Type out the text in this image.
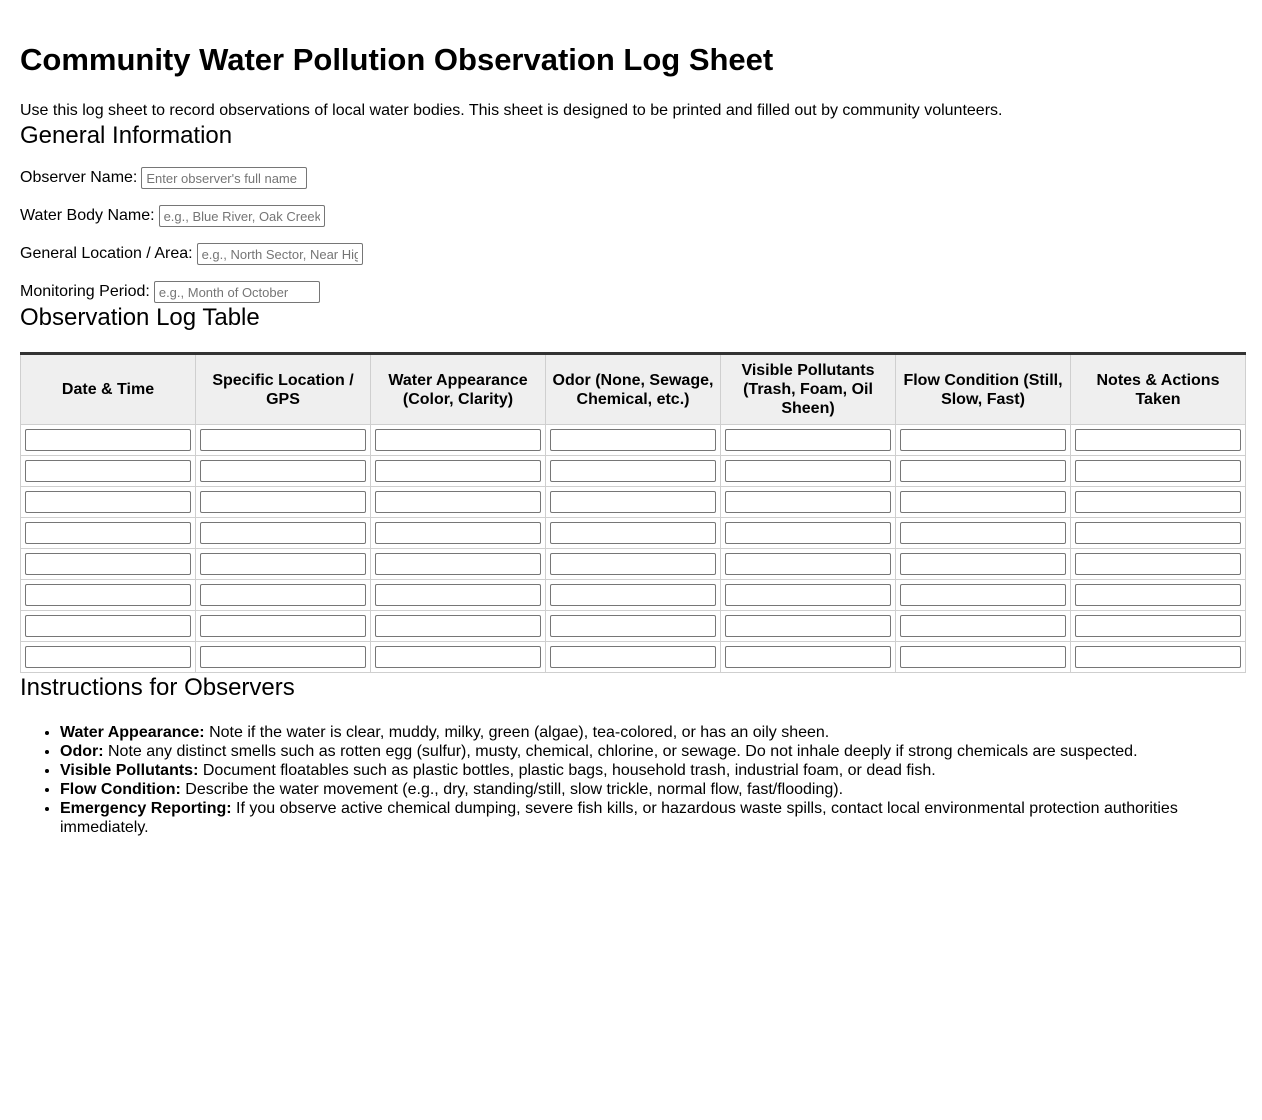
Community Water Pollution Observation Log Sheet

Use this log sheet to record observations of local water bodies. This sheet is designed to be printed and filled out by community volunteers.

General Information
Observer Name:
Enter observer's full name
Water Body Name:
e.g., Blue River, Oak Creek
General Location / Area:
e.g., North Sector, Near Highway 9
Monitoring Period:
e.g., Month of October
Observation Log Table
Date & Time	Specific Location / GPS	Water Appearance (Color, Clarity)	Odor (None, Sewage, Chemical, etc.)	Visible Pollutants (Trash, Foam, Oil Sheen)	Flow Condition (Still, Slow, Fast)	Notes & Actions Taken

Instructions for Observers
• Water Appearance: Note if the water is clear, muddy, milky, green (algae), tea-colored, or has an oily sheen.
• Odor: Note any distinct smells such as rotten egg (sulfur), musty, chemical, chlorine, or sewage. Do not inhale deeply if strong chemicals are suspected.
• Visible Pollutants: Document floatables such as plastic bottles, plastic bags, household trash, industrial foam, or dead fish.
• Flow Condition: Describe the water movement (e.g., dry, standing/still, slow trickle, normal flow, fast/flooding).
• Emergency Reporting: If you observe active chemical dumping, severe fish kills, or hazardous waste spills, contact local environmental protection authorities immediately.
